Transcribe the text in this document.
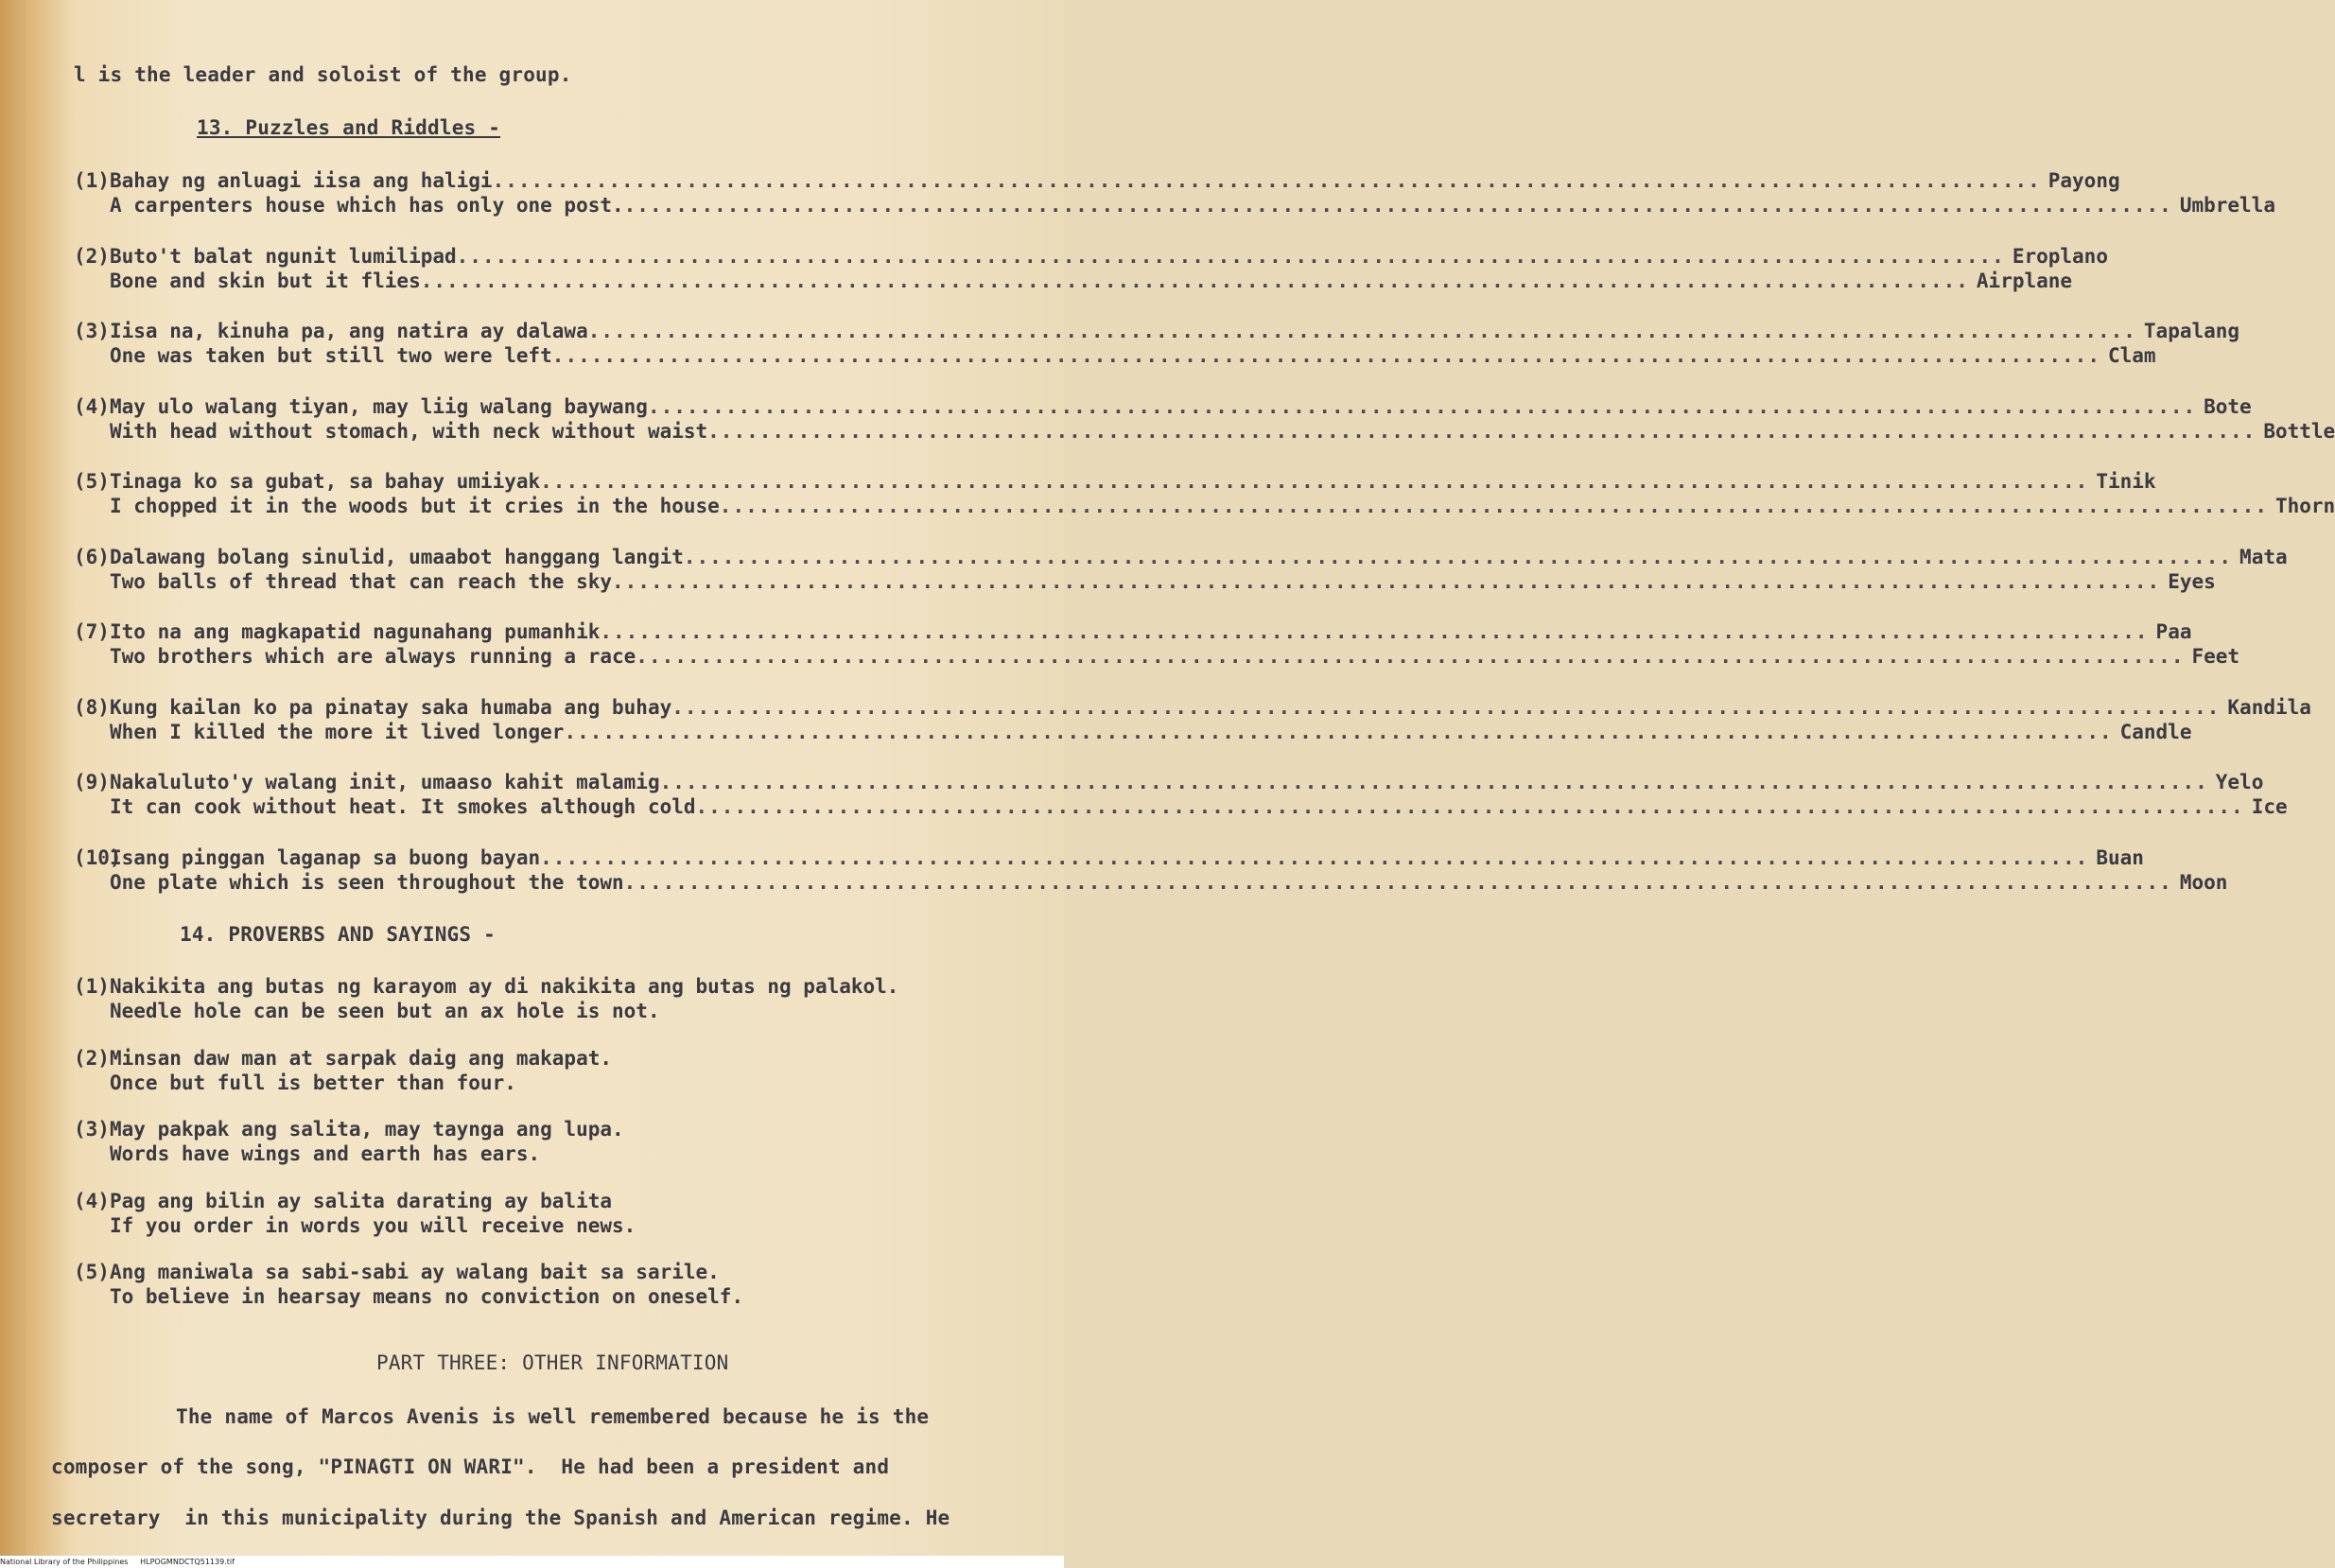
l is the leader and soloist of the group.
13. Puzzles and Riddles -
(1) Bahay ng anluagi iisa ang haligi ........................................................................................................................ Payong
A carpenters house which has only one post. ........................................................................................................................ Umbrella
(2) Buto't balat ngunit lumilipad ........................................................................................................................ Eroplano
Bone and skin but it flies ........................................................................................................................ Airplane
(3) Iisa na, kinuha pa, ang natira ay dalawa ........................................................................................................................ Tapalang
One was taken but still two were left ........................................................................................................................ Clam
(4) May ulo walang tiyan, may liig walang baywang ........................................................................................................................ Bote
With head without stomach, with neck without waist ........................................................................................................................ Bottle
(5) Tinaga ko sa gubat, sa bahay umiiyak ........................................................................................................................ Tinik
I chopped it in the woods but it cries in the house ........................................................................................................................ Thorn
(6) Dalawang bolang sinulid, umaabot hanggang langit ........................................................................................................................ Mata
Two balls of thread that can reach the sky ........................................................................................................................ Eyes
(7) Ito na ang magkapatid nagunahang pumanhik ........................................................................................................................ Paa
Two brothers which are always running a race ........................................................................................................................ Feet
(8) Kung kailan ko pa pinatay saka humaba ang buhay ........................................................................................................................ Kandila
When I killed the more it lived longer ........................................................................................................................ Candle
(9) Nakaluluto'y walang init, umaaso kahit malamig ........................................................................................................................ Yelo
It can cook without heat. It smokes although cold ........................................................................................................................ Ice
(10)
Isang pinggan laganap sa buong bayan ........................................................................................................................ Buan
One plate which is seen throughout the town ........................................................................................................................ Moon
14. PROVERBS AND SAYINGS -
(1) Nakikita ang butas ng karayom ay di nakikita ang butas ng palakol.
Needle hole can be seen but an ax hole is not.
(2) Minsan daw man at sarpak daig ang makapat.
Once but full is better than four.
(3) May pakpak ang salita, may taynga ang lupa.
Words have wings and earth has ears.
(4) Pag ang bilin ay salita darating ay balita
If you order in words you will receive news.
(5) Ang maniwala sa sabi-sabi ay walang bait sa sarile.
To believe in hearsay means no conviction on oneself.
PART THREE: OTHER INFORMATION
The name of Marcos Avenis is well remembered because he is the
composer of the song, "PINAGTI ON WARI".  He had been a president and
secretary  in this municipality during the Spanish and American regime. He
National Library of the Philippines     HLPOGMNDCTQ51139.tif
